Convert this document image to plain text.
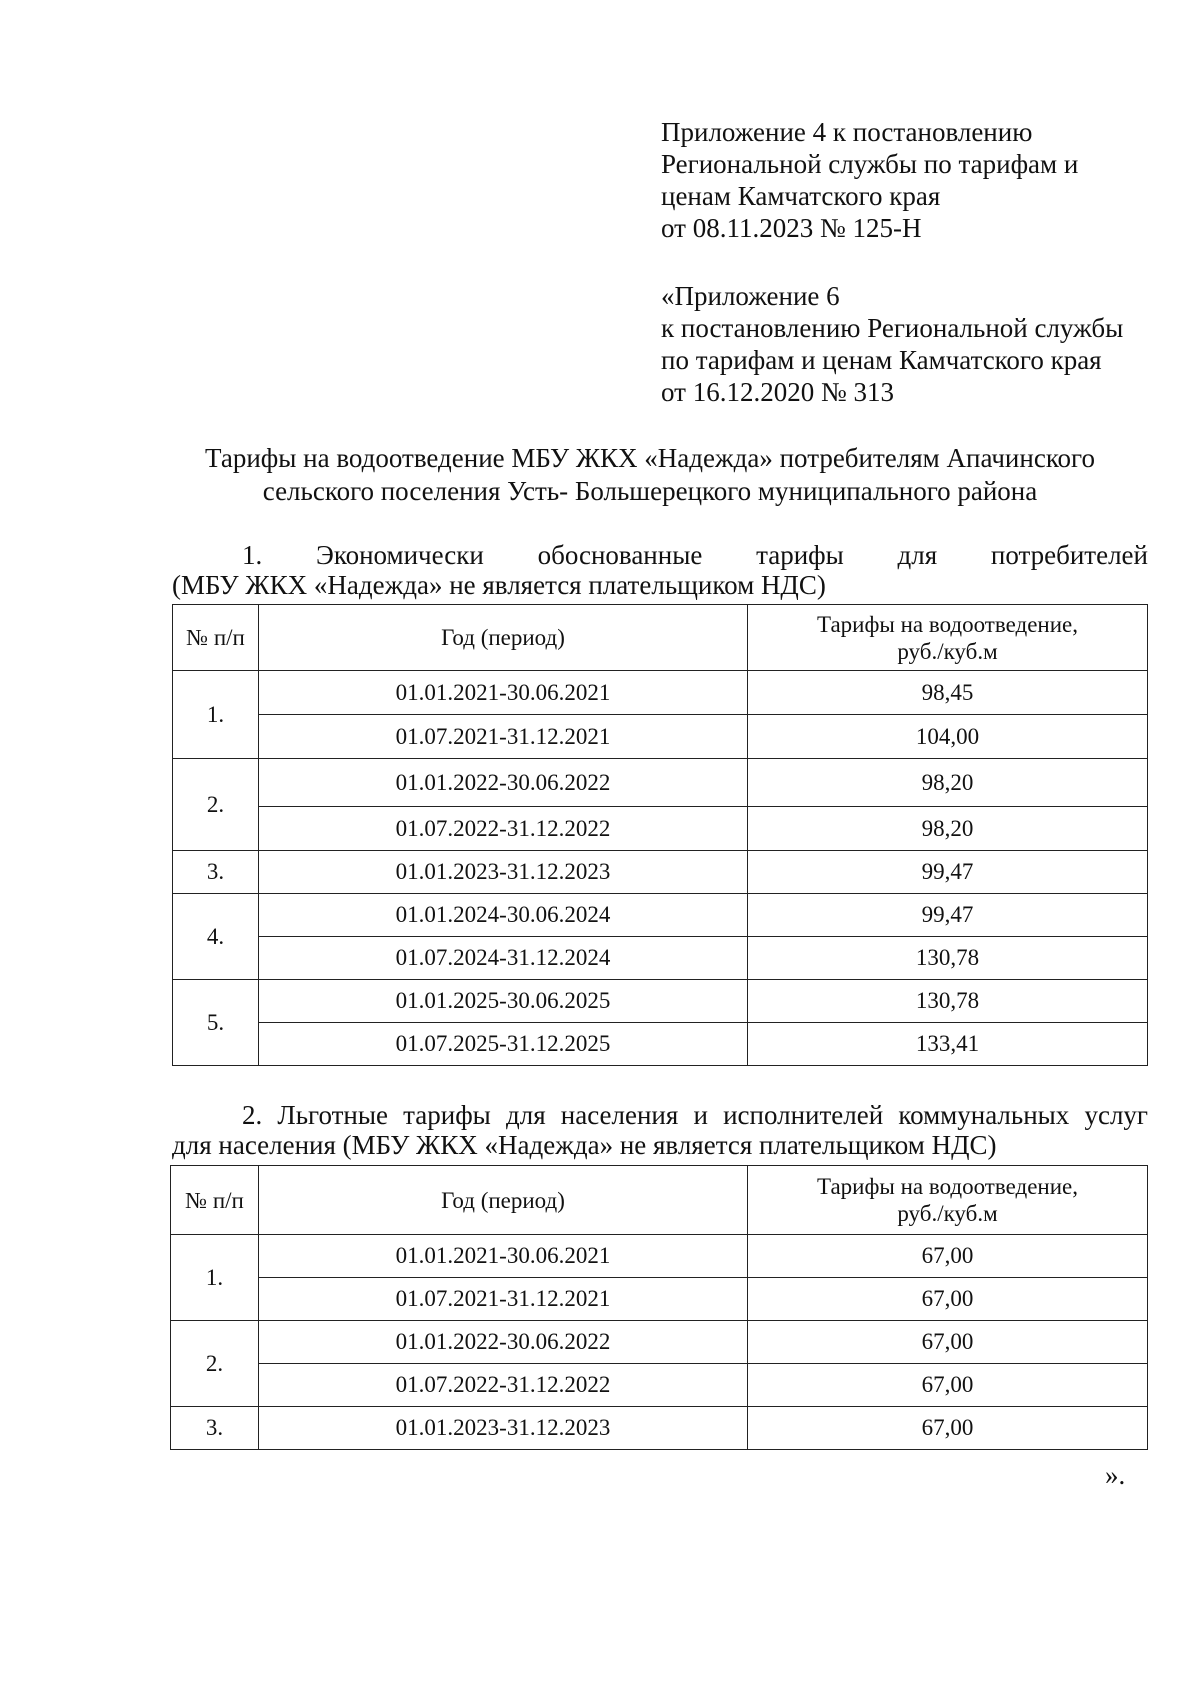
Приложение 4 к постановлению
Региональной службы по тарифам и
ценам Камчатского края
от 08.11.2023 № 125-Н
«Приложение 6
к постановлению Региональной службы
по тарифам и ценам Камчатского края
от 16.12.2020 № 313
Тарифы на водоотведение МБУ ЖКХ «Надежда» потребителям Апачинского
сельского поселения Усть- Большерецкого муниципального района
1. Экономически обоснованные тарифы для потребителей
(МБУ ЖКХ «Надежда» не является плательщиком НДС)
№ п/п	Год (период)	Тарифы на водоотведение,
руб./куб.м
1.	01.01.2021-30.06.2021	98,45
	01.07.2021-31.12.2021	104,00
2.	01.01.2022-30.06.2022	98,20
	01.07.2022-31.12.2022	98,20
3.	01.01.2023-31.12.2023	99,47
4.	01.01.2024-30.06.2024	99,47
	01.07.2024-31.12.2024	130,78
5.	01.01.2025-30.06.2025	130,78
	01.07.2025-31.12.2025	133,41
2. Льготные тарифы для населения и исполнителей коммунальных услуг
для населения (МБУ ЖКХ «Надежда» не является плательщиком НДС)
№ п/п	Год (период)	Тарифы на водоотведение,
руб./куб.м
1.	01.01.2021-30.06.2021	67,00
	01.07.2021-31.12.2021	67,00
2.	01.01.2022-30.06.2022	67,00
	01.07.2022-31.12.2022	67,00
3.	01.01.2023-31.12.2023	67,00
».
